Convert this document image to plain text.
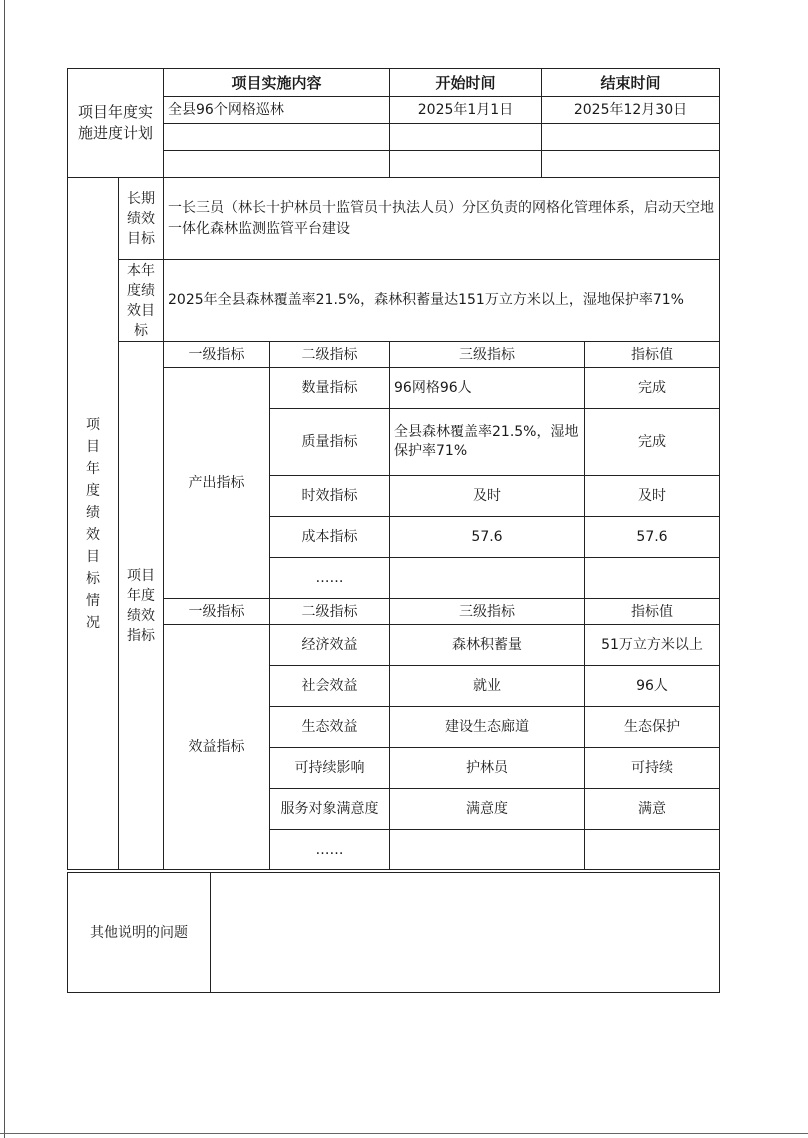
项目年度实施进度计划	项目实施内容	开始时间	结束时间
	全县96个网格巡林	2025年1月1日	2025年12月30日

项目年度绩效目标情况	长期绩效目标	一长三员（林长十护林员十监管员十执法人员）分区负责的网格化管理体系，启动天空地一体化森林监测监管平台建设			

	本年度绩效目标	2025年全县森林覆盖率21.5%，森林积蓄量达151万立方米以上，湿地保护率71%			

	项目年度绩效指标	一级指标	二级指标	三级指标	指标值
		产出指标	数量指标	96网格96人	完成
			质量指标	全县森林覆盖率21.5%，湿地保护率71%	完成
			时效指标	及时	及时
			成本指标	57.6	57.6
			……		
		一级指标	二级指标	三级指标	指标值
		效益指标	经济效益	森林积蓄量	51万立方米以上
			社会效益	就业	96人
			生态效益	建设生态廊道	生态保护
			可持续影响	护林员	可持续
			服务对象满意度	满意度	满意
			……		
其他说明的问题	
